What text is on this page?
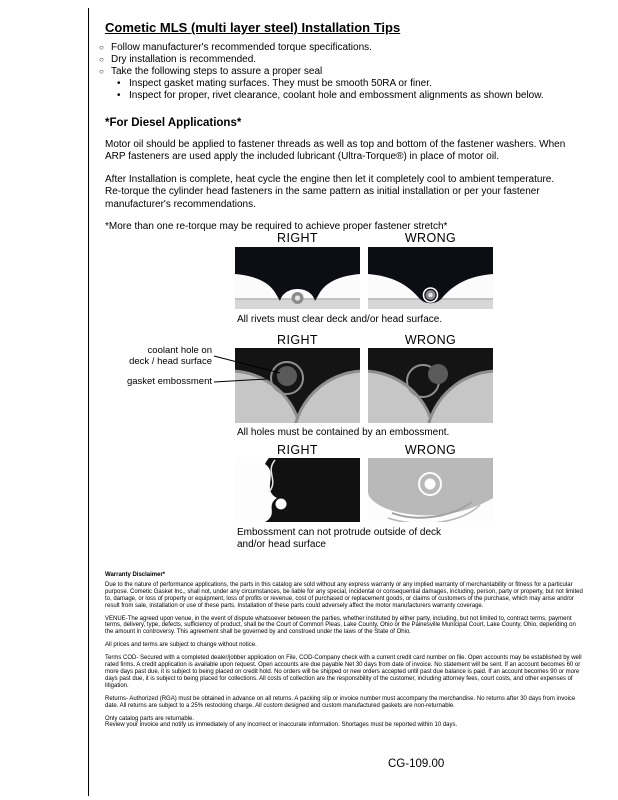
Cometic MLS (multi layer steel) Installation Tips
○ Follow manufacturer's recommended torque specifications.
○ Dry installation is recommended.
○ Take the following steps to assure a proper seal
• Inspect gasket mating surfaces. They must be smooth 50RA or finer.
• Inspect for proper, rivet clearance, coolant hole and embossment alignments as shown below.
*For Diesel Applications*

Motor oil should be applied to fastener threads as well as top and bottom of the fastener washers. When ARP fasteners are used apply the included lubricant (Ultra-Torque®) in place of motor oil.

After Installation is complete, heat cycle the engine then let it completely cool to ambient temperature. Re-torque the cylinder head fasteners in the same pattern as initial installation or per your fastener manufacturer's recommendations.

*More than one re-torque may be required to achieve proper fastener stretch*

RIGHT	WRONG
All rivets must clear deck and/or head surface.
RIGHT	WRONG
coolant hole on
deck / head surface
gasket embossment
All holes must be contained by an embossment.
RIGHT	WRONG
Embossment can not protrude outside of deck
and/or head surface
Warranty Disclaimer*

Due to the nature of performance applications, the parts in this catalog are sold without any express warranty or any implied warranty of merchantability or fitness for a particular purpose. Cometic Gasket Inc., shall not, under any circumstances, be liable for any special, incidental or consequential damages, including, person, party or property, but not limited to, damage, or loss of property or equipment, loss of profits or revenue, cost of purchased or replacement goods, or claims of customers of the purchase, which may arise and/or result from sale, installation or use of these parts. Installation of these parts could adversely affect the motor manufacturers warranty coverage.

VENUE-The agreed upon venue, in the event of dispute whatsoever between the parties, whether instituted by either party, including, but not limited to, contract terms, payment terms, delivery, type, defects, sufficiency of product, shall be the Court of Common Pleas, Lake County, Ohio or the Painesville Municipal Court, Lake County, Ohio, depending on the amount in controversy. This agreement shall be governed by and construed under the laws of the State of Ohio.

All prices and terms are subject to change without notice.

Terms COD- Secured with a completed dealer/jobber application on File, COD-Company check with a current credit card number on file. Open accounts may be established by well rated firms. A credit application is available upon request. Open accounts are due payable Net 30 days from date of invoice. No statement will be sent. If an account becomes 60 or more days past due, it is subject to being placed on credit hold. No orders will be shipped or new orders accepted until past due balance is paid. If an account becomes 90 or more days past due, it is subject to being placed for collections. All costs of collection are the responsibility of the customer, including attorney fees, court costs, and other expenses of litigation.

Returns- Authorized (RGA) must be obtained in advance on all returns. A packing slip or invoice number must accompany the merchandise. No returns after 30 days from invoice date. All returns are subject to a 25% restocking charge. All custom designed and custom manufactured gaskets are non-returnable.

Only catalog parts are returnable.

Review your invoice and notify us immediately of any incorrect or inaccurate information. Shortages must be reported within 10 days.

CG-109.00
